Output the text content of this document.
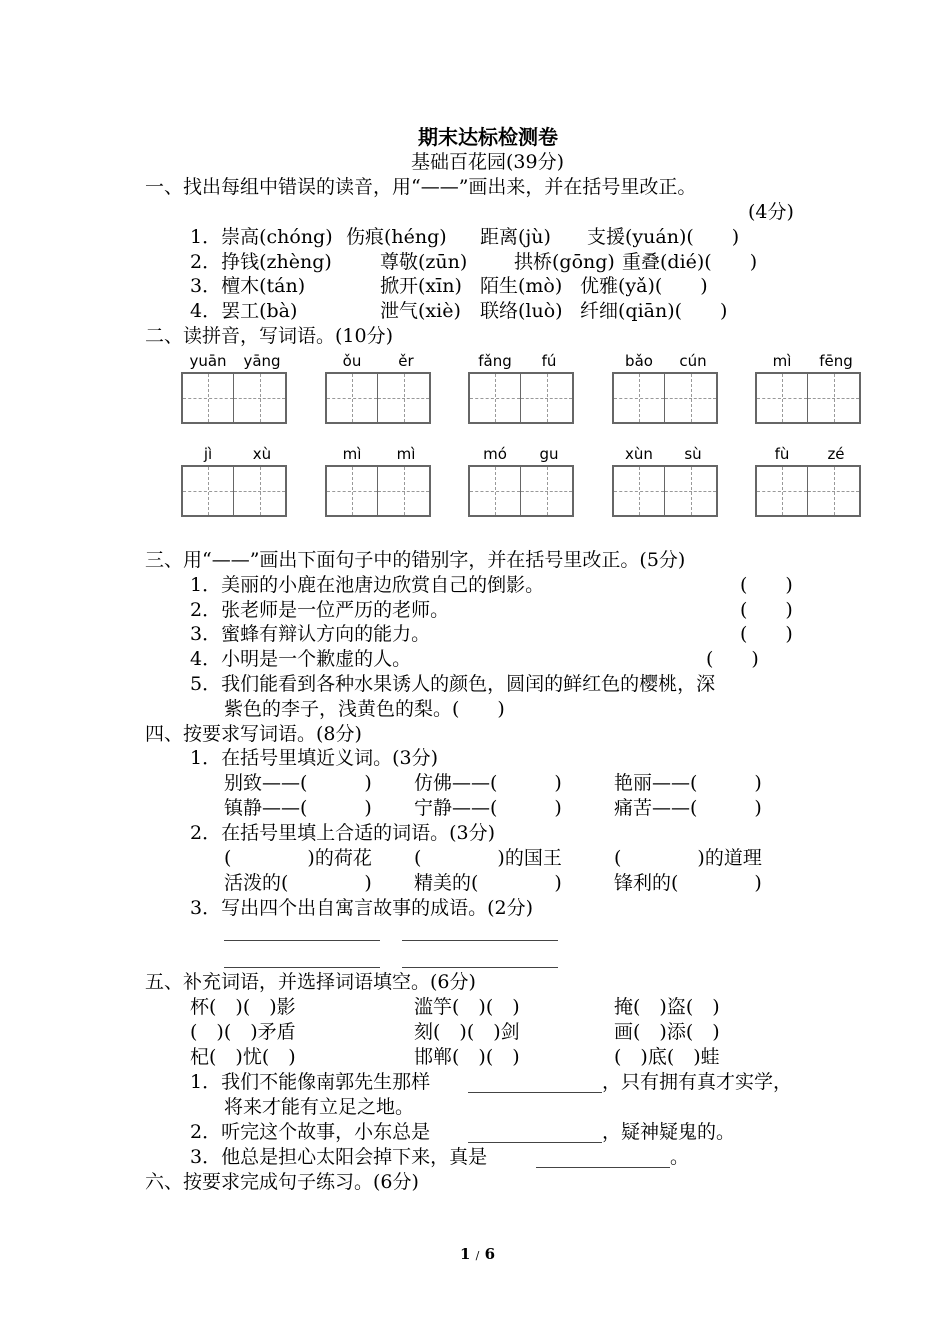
期末达标检测卷
基础百花园(39分)
一、找出每组中错误的读音，用“——”画出来，并在括号里改正。
(4分)
1．崇高(chóng) 伤痕(héng) 距离(jù) 支援(yuán)(　　)
2．挣钱(zhèng)	尊敬(zūn) 拱桥(gōng) 重叠(dié)(　　)
3．檀木(tán)	掀开(xīn) 陌生(mò) 优雅(yǎ)(　　)
4．罢工(bà)	泄气(xiè) 联络(luò) 纤细(qiān)(　　)
二、读拼音，写词语。(10分)
yuān	yāng	ǒu	ěr	fǎng	fú	bǎo	cún	mì	fēng
jì	xù	mì	mì	mó	gu	xùn	sù	fù	zé
三、用“——”画出下面句子中的错别字，并在括号里改正。(5分)
1．美丽的小鹿在池唐边欣赏自己的倒影。	(　　)
2．张老师是一位严历的老师。	(　　)
3．蜜蜂有辩认方向的能力。	(　　)
4．小明是一个歉虚的人。	(　　)
5．我们能看到各种水果诱人的颜色，圆闰的鲜红色的樱桃，深
紫色的李子，浅黄色的梨。(　　)
四、按要求写词语。(8分)
1．在括号里填近义词。(3分)
别致——(　　　) 仿佛——(　　　)	艳丽——(　　　)
镇静——(　　　) 宁静——(　　　)	痛苦——(　　　)
2．在括号里填上合适的词语。(3分)
(　　　　)的荷花 (　　　　)的国王	(　　　　)的道理
活泼的(　　　　) 精美的(　　　　)	锋利的(　　　　)
3．写出四个出自寓言故事的成语。(2分)
五、补充词语，并选择词语填空。(6分)
杯(　)(　)影	滥竽(　)(　)	掩(　)盗(　)
(　)(　)矛盾	刻(　)(　)剑	画(　)添(　)
杞(　)忧(　)	邯郸(　)(　)	(　)底(　)蛙
1．我们不能像南郭先生那样	，只有拥有真才实学，
将来才能有立足之地。
2．听完这个故事，小东总是	，疑神疑鬼的。
3．他总是担心太阳会掉下来，真是	。
六、按要求完成句子练习。(6分)
1 / 6
